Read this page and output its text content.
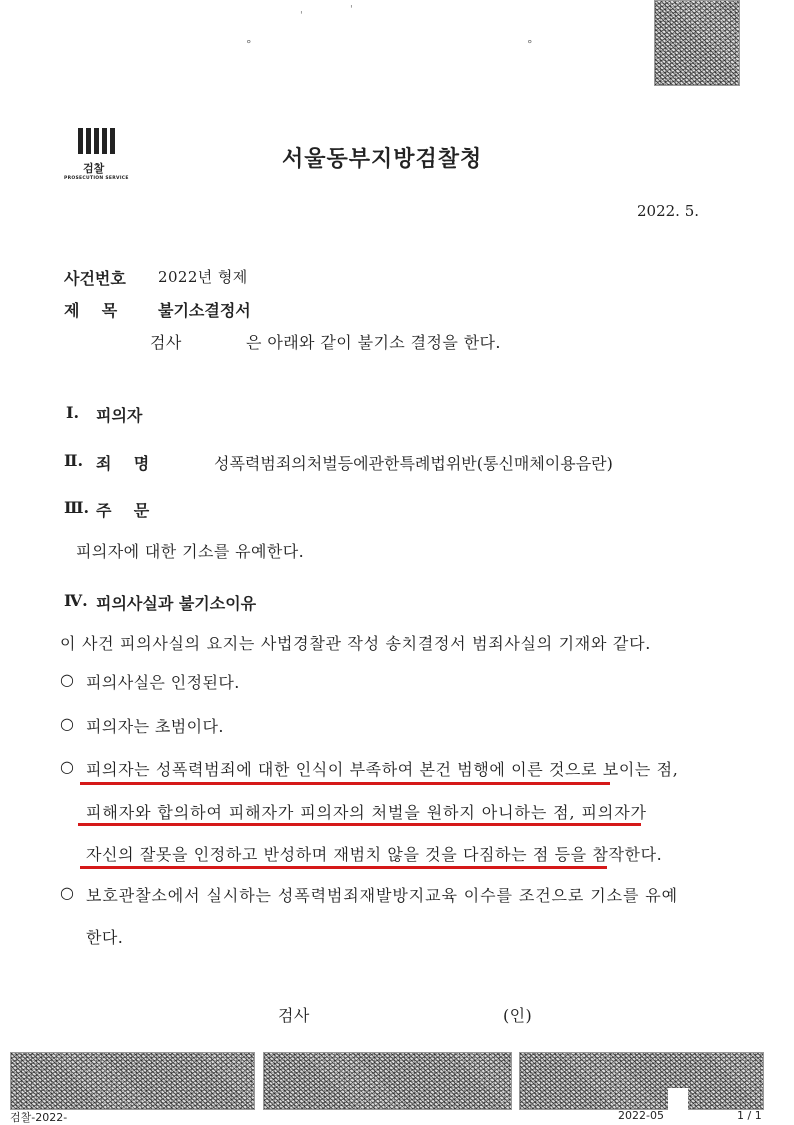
'
'
°	°
검찰
PROSECUTION SERVICE
서울동부지방검찰청
2022. 5.
사건번호 2022년 형제
제    목	불기소결정서
검사	은 아래와 같이 불기소 결정을 한다.
Ⅰ. 피의자
Ⅱ. 죄    명	성폭력범죄의처벌등에관한특례법위반(통신매체이용음란)
Ⅲ. 주    문
피의자에 대한 기소를 유예한다.
Ⅳ. 피의사실과 불기소이유
이 사건 피의사실의 요지는 사법경찰관 작성 송치결정서 범죄사실의 기재와 같다.
○ 피의사실은 인정된다.
○ 피의자는 초범이다.
○ 피의자는 성폭력범죄에 대한 인식이 부족하여 본건 범행에 이른 것으로 보이는 점,
피해자와 합의하여 피해자가 피의자의 처벌을 원하지 아니하는 점, 피의자가
자신의 잘못을 인정하고 반성하며 재범치 않을 것을 다짐하는 점 등을 참작한다.
○ 보호관찰소에서 실시하는 성폭력범죄재발방지교육 이수를 조건으로 기소를 유예
한다.
검사	(인)
검찰-2022-	2022-05	1 / 1
